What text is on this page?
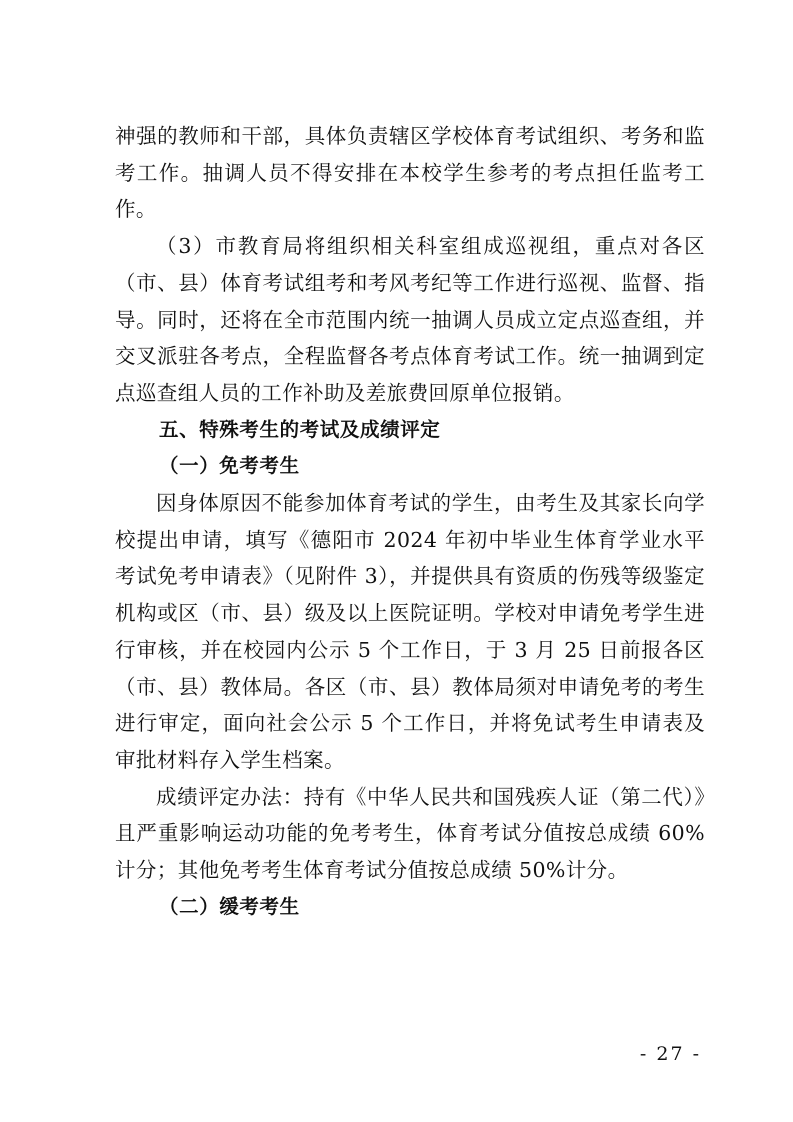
神强的教师和干部，具体负责辖区学校体育考试组织、考务和监考工作。抽调人员不得安排在本校学生参考的考点担任监考工作。

（3）市教育局将组织相关科室组成巡视组，重点对各区（市、县）体育考试组考和考风考纪等工作进行巡视、监督、指导。同时，还将在全市范围内统一抽调人员成立定点巡查组，并交叉派驻各考点，全程监督各考点体育考试工作。统一抽调到定点巡查组人员的工作补助及差旅费回原单位报销。

五、特殊考生的考试及成绩评定

（一）免考考生

因身体原因不能参加体育考试的学生，由考生及其家长向学校提出申请，填写《德阳市 2024 年初中毕业生体育学业水平考试免考申请表》（见附件 3），并提供具有资质的伤残等级鉴定机构或区（市、县）级及以上医院证明。学校对申请免考学生进行审核，并在校园内公示 5 个工作日，于 3 月 25 日前报各区（市、县）教体局。各区（市、县）教体局须对申请免考的考生进行审定，面向社会公示 5 个工作日，并将免试考生申请表及审批材料存入学生档案。

成绩评定办法：持有《中华人民共和国残疾人证（第二代）》且严重影响运动功能的免考考生，体育考试分值按总成绩 60%计分；其他免考考生体育考试分值按总成绩 50%计分。

（二）缓考考生

- 27 -
